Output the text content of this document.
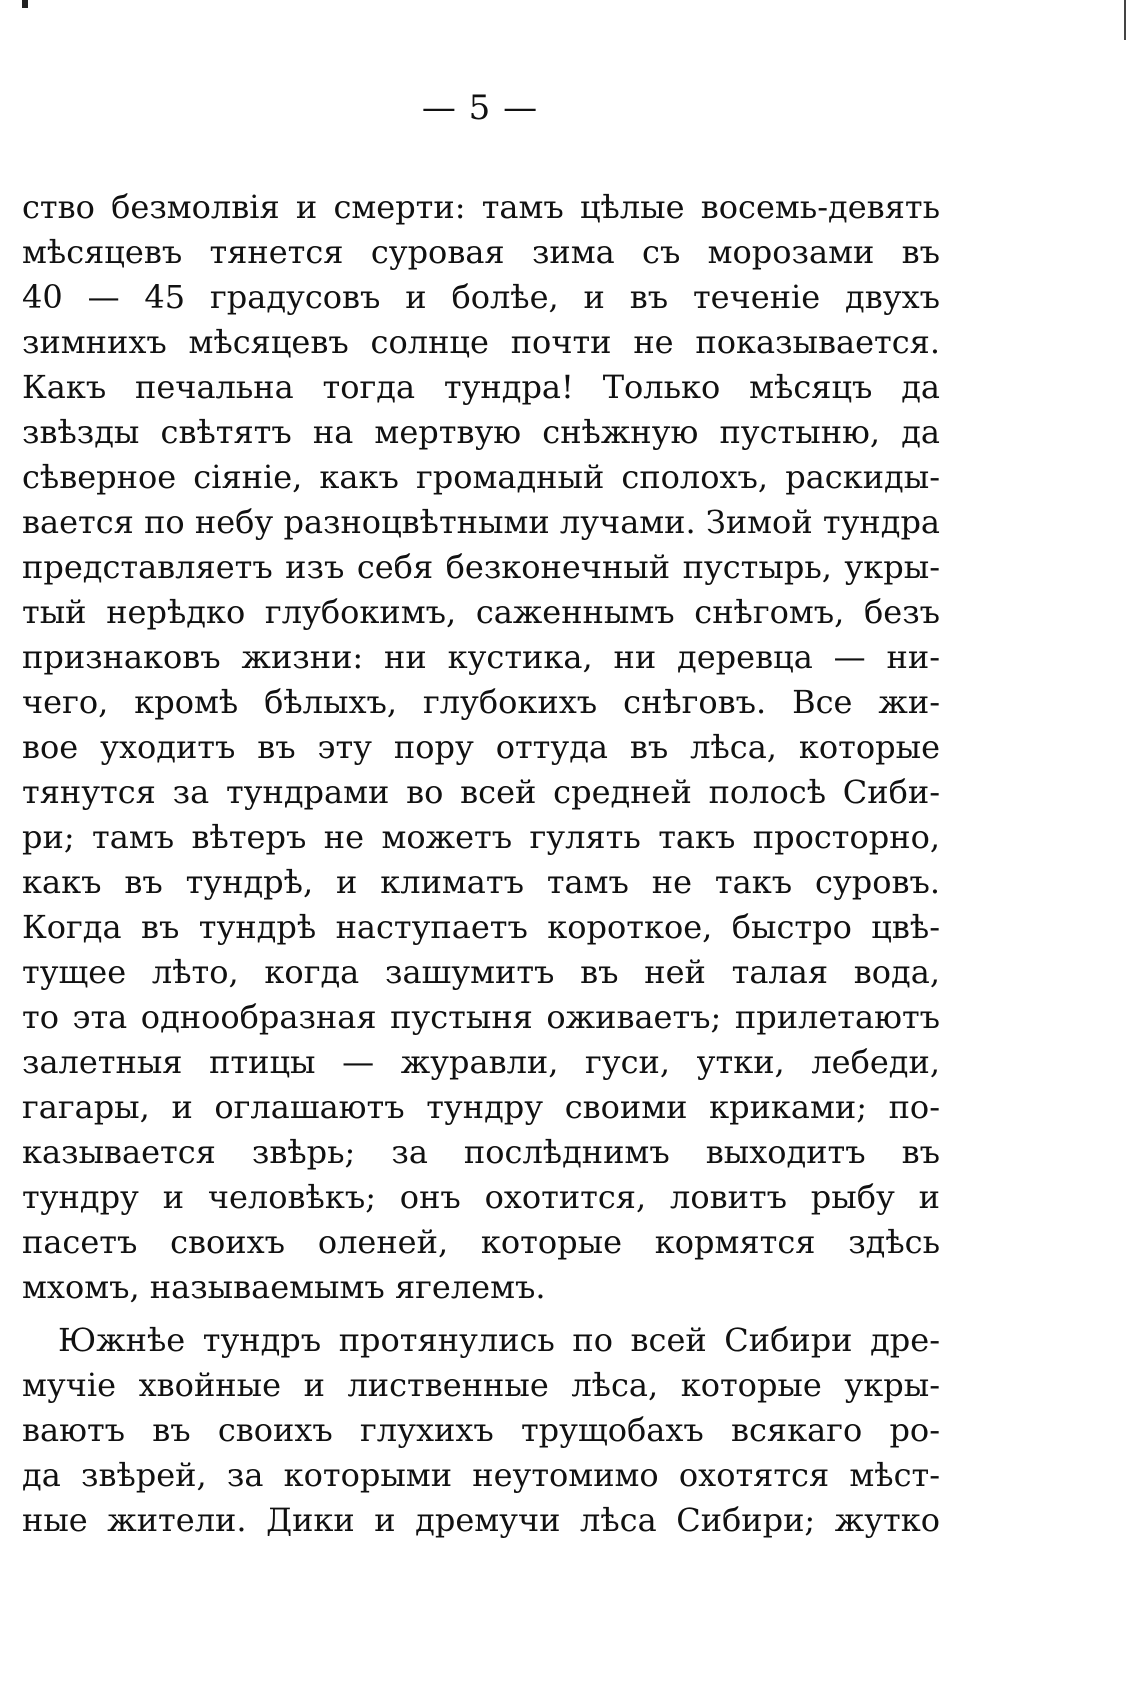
— 5 —
ство безмолвія и смерти: тамъ цѣлые восемь-девять
мѣсяцевъ тянется суровая зима съ морозами въ
40 — 45 градусовъ и болѣе, и въ теченіе двухъ
зимнихъ мѣсяцевъ солнце почти не показывается.
Какъ печальна тогда тундра! Только мѣсяцъ да
звѣзды свѣтятъ на мертвую снѣжную пустыню, да
сѣверное сіяніе, какъ громадный сполохъ, раскиды-
вается по небу разноцвѣтными лучами. Зимой тундра
представляетъ изъ себя безконечный пустырь, укры-
тый нерѣдко глубокимъ, саженнымъ снѣгомъ, безъ
признаковъ жизни: ни кустика, ни деревца — ни-
чего, кромѣ бѣлыхъ, глубокихъ снѣговъ. Все жи-
вое уходитъ въ эту пору оттуда въ лѣса, которые
тянутся за тундрами во всей средней полосѣ Сиби-
ри; тамъ вѣтеръ не можетъ гулять такъ просторно,
какъ въ тундрѣ, и климатъ тамъ не такъ суровъ.
Когда въ тундрѣ наступаетъ короткое, быстро цвѣ-
тущее лѣто, когда зашумитъ въ ней талая вода,
то эта однообразная пустыня оживаетъ; прилетаютъ
залетныя птицы — журавли, гуси, утки, лебеди,
гагары, и оглашаютъ тундру своими криками; по-
казывается звѣрь; за послѣднимъ выходитъ въ
тундру и человѣкъ; онъ охотится, ловитъ рыбу и
пасетъ своихъ оленей, которые кормятся здѣсь
мхомъ, называемымъ ягелемъ.
Южнѣе тундръ протянулись по всей Сибири дре-
мучіе хвойные и лиственные лѣса, которые укры-
ваютъ въ своихъ глухихъ трущобахъ всякаго ро-
да звѣрей, за которыми неутомимо охотятся мѣст-
ные жители. Дики и дремучи лѣса Сибири; жутко
